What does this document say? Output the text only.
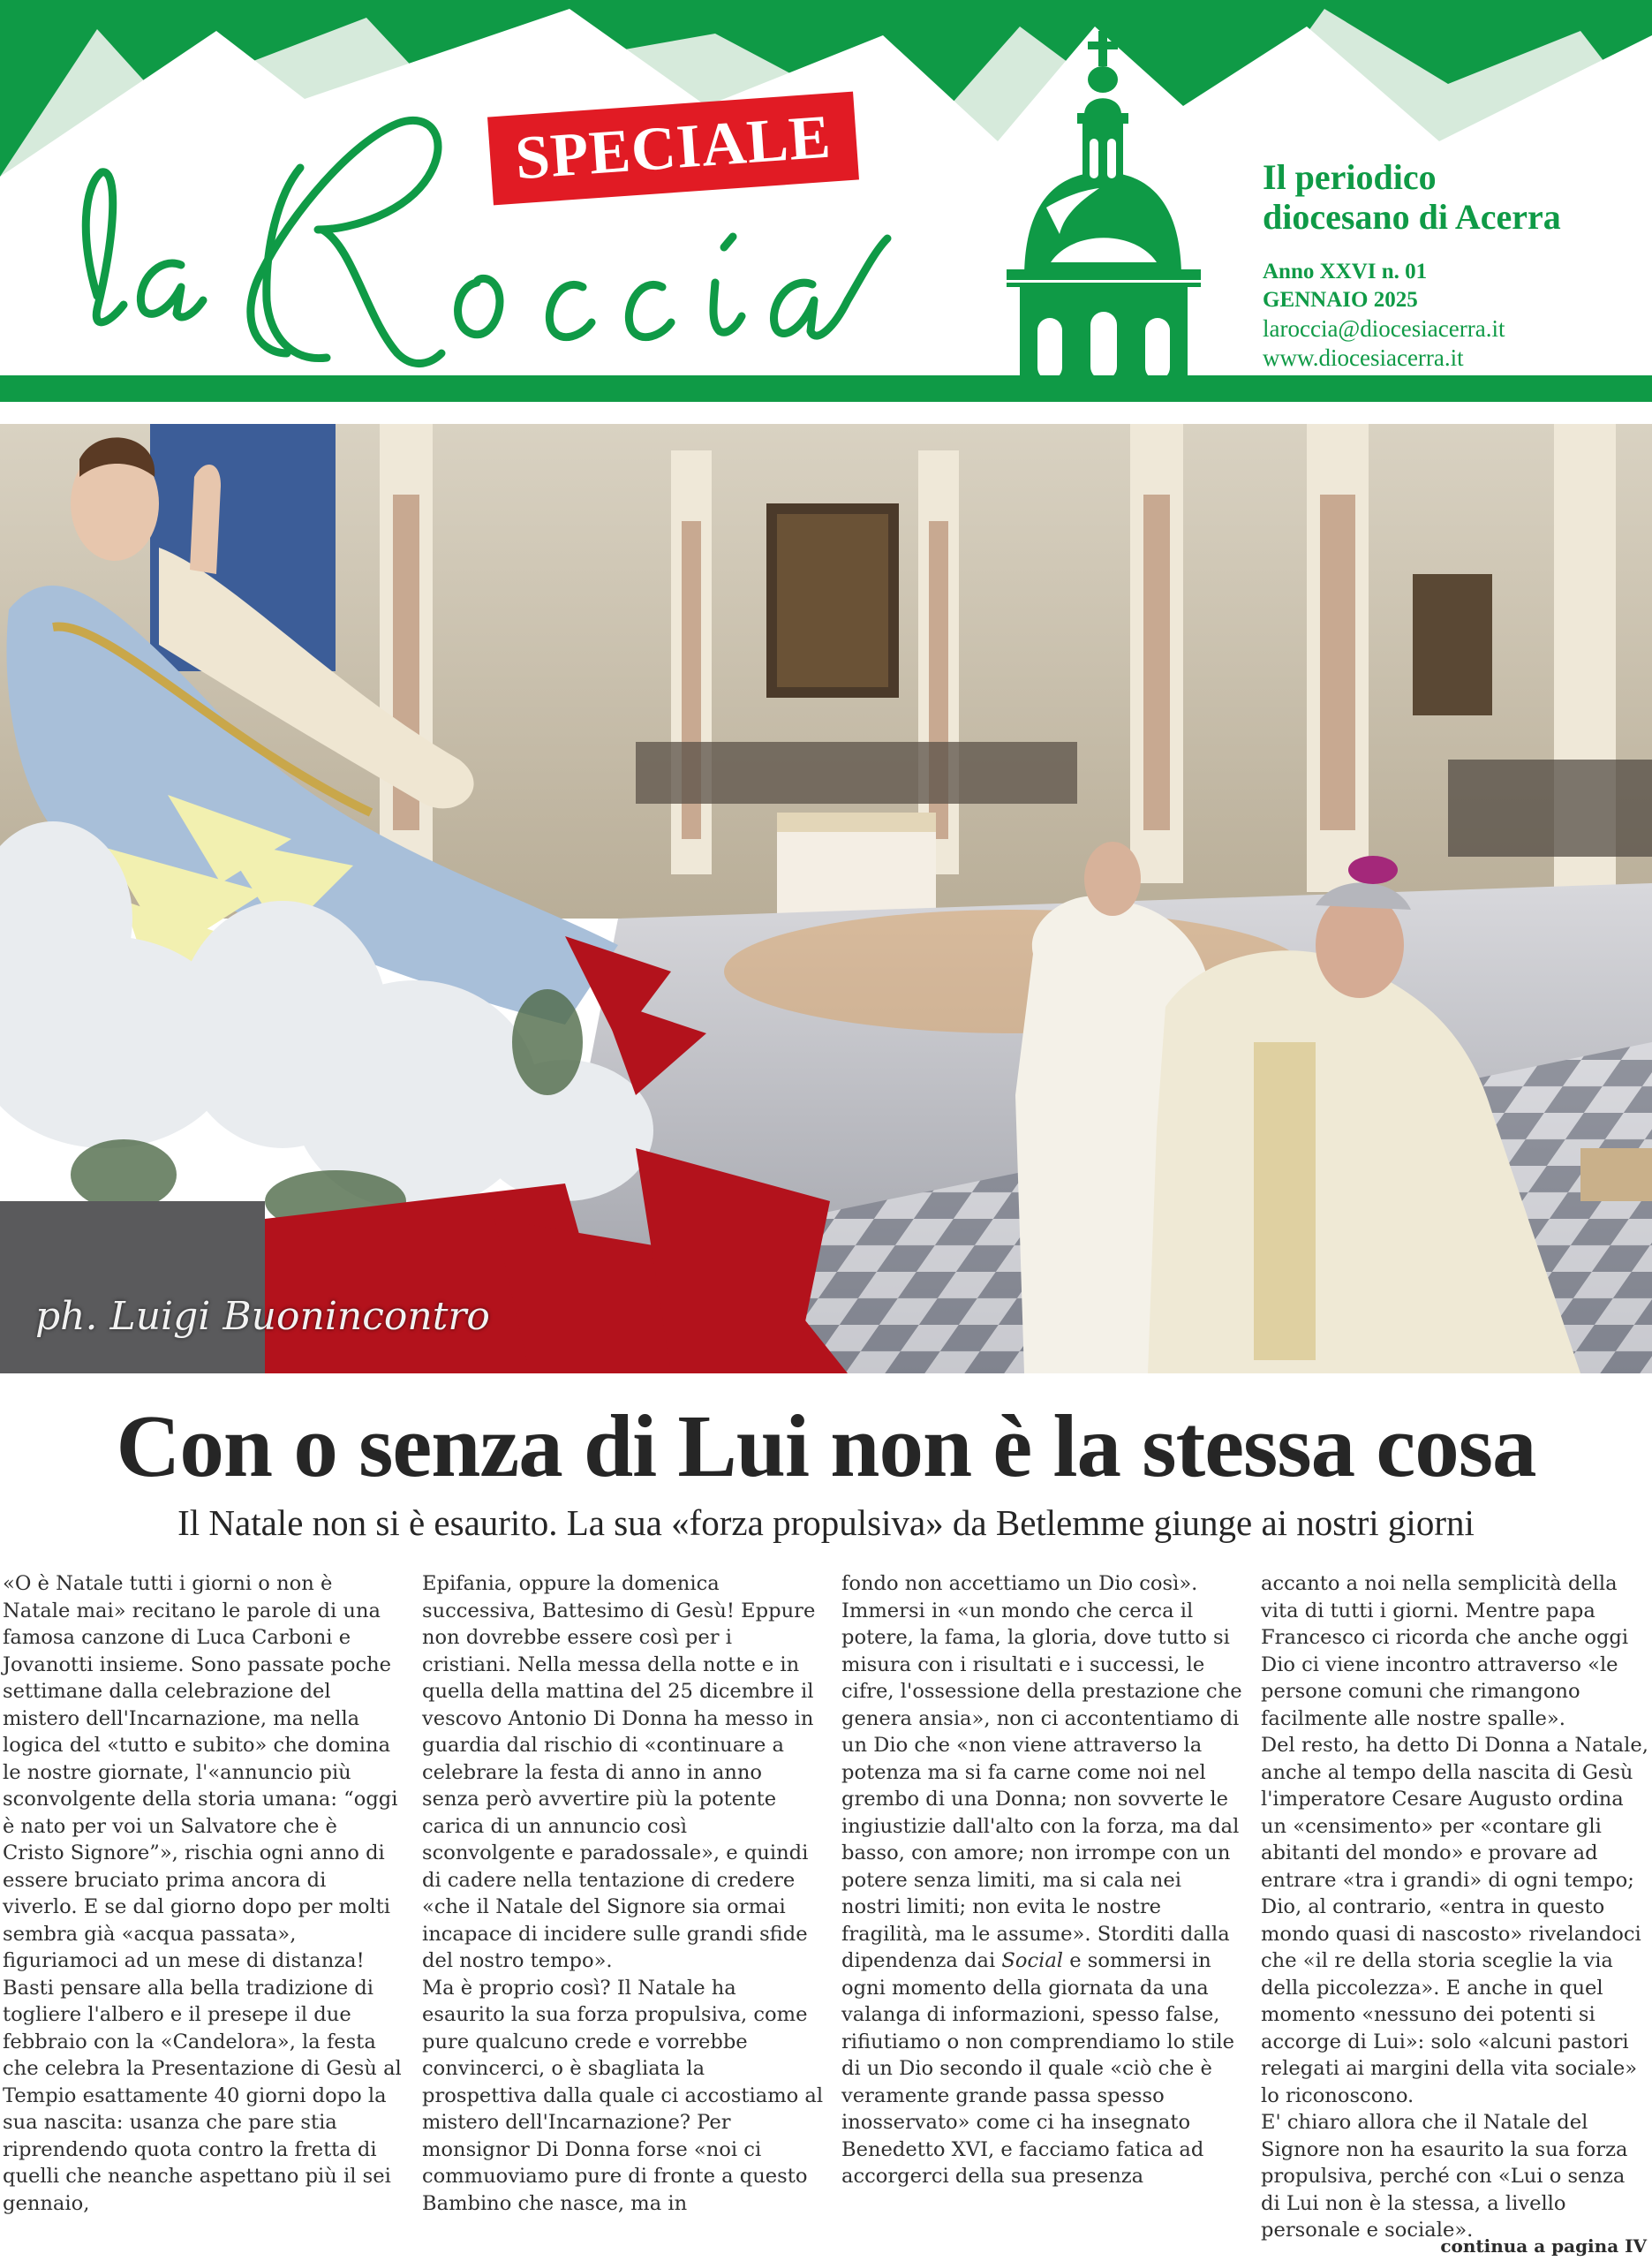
SPECIALE	Il periodico
diocesano di Acerra
Anno XXVI n. 01
GENNAIO 2025
laroccia@diocesiacerra.it
www.diocesiacerra.it
ph. Luigi Buonincontro
Con o senza di Lui non è la stessa cosa
Il Natale non si è esaurito. La sua «forza propulsiva» da Betlemme giunge ai nostri giorni

«O è Natale tutti i giorni o non è Natale mai» recitano le parole di una famosa canzone di Luca Carboni e Jovanotti insieme. Sono passate poche settimane dalla celebrazione del mistero dell'Incarnazione, ma nella logica del «tutto e subito» che domina le nostre giornate, l'«annuncio più sconvolgente della storia umana: “oggi è nato per voi un Salvatore che è Cristo Signore”», rischia ogni anno di essere bruciato prima ancora di viverlo. E se dal giorno dopo per molti sembra già «acqua passata», figuriamoci ad un mese di distanza!

Basti pensare alla bella tradizione di togliere l'albero e il presepe il due febbraio con la «Candelora», la festa che celebra la Presentazione di Gesù al Tempio esattamente 40 giorni dopo la sua nascita: usanza che pare stia riprendendo quota contro la fretta di quelli che neanche aspettano più il sei gennaio,

Epifania, oppure la domenica successiva, Battesimo di Gesù! Eppure non dovrebbe essere così per i cristiani. Nella messa della notte e in quella della mattina del 25 dicembre il vescovo Antonio Di Donna ha messo in guardia dal rischio di «continuare a celebrare la festa di anno in anno senza però avvertire più la potente carica di un annuncio così sconvolgente e paradossale», e quindi di cadere nella tentazione di credere «che il Natale del Signore sia ormai incapace di incidere sulle grandi sfide del nostro tempo».

Ma è proprio così? Il Natale ha esaurito la sua forza propulsiva, come pure qualcuno crede e vorrebbe convincerci, o è sbagliata la prospettiva dalla quale ci accostiamo al mistero dell'Incarnazione? Per monsignor Di Donna forse «noi ci commuoviamo pure di fronte a questo Bambino che nasce, ma in

fondo non accettiamo un Dio così». Immersi in «un mondo che cerca il potere, la fama, la gloria, dove tutto si misura con i risultati e i successi, le cifre, l'ossessione della prestazione che genera ansia», non ci accontentiamo di un Dio che «non viene attraverso la potenza ma si fa carne come noi nel grembo di una Donna; non sovverte le ingiustizie dall'alto con la forza, ma dal basso, con amore; non irrompe con un potere senza limiti, ma si cala nei nostri limiti; non evita le nostre fragilità, ma le assume». Storditi dalla dipendenza dai Social e sommersi in ogni momento della giornata da una valanga di informazioni, spesso false, rifiutiamo o non comprendiamo lo stile di un Dio secondo il quale «ciò che è veramente grande passa spesso inosservato» come ci ha insegnato Benedetto XVI, e facciamo fatica ad accorgerci della sua presenza

accanto a noi nella semplicità della vita di tutti i giorni. Mentre papa Francesco ci ricorda che anche oggi Dio ci viene incontro attraverso «le persone comuni che rimangono facilmente alle nostre spalle».

Del resto, ha detto Di Donna a Natale, anche al tempo della nascita di Gesù l'imperatore Cesare Augusto ordina un «censimento» per «contare gli abitanti del mondo» e provare ad entrare «tra i grandi» di ogni tempo; Dio, al contrario, «entra in questo mondo quasi di nascosto» rivelandoci che «il re della storia sceglie la via della piccolezza». E anche in quel momento «nessuno dei potenti si accorge di Lui»: solo «alcuni pastori relegati ai margini della vita sociale» lo riconoscono.

E' chiaro allora che il Natale del Signore non ha esaurito la sua forza propulsiva, perché con «Lui o senza di Lui non è la stessa, a livello personale e sociale».

continua a pagina IV
